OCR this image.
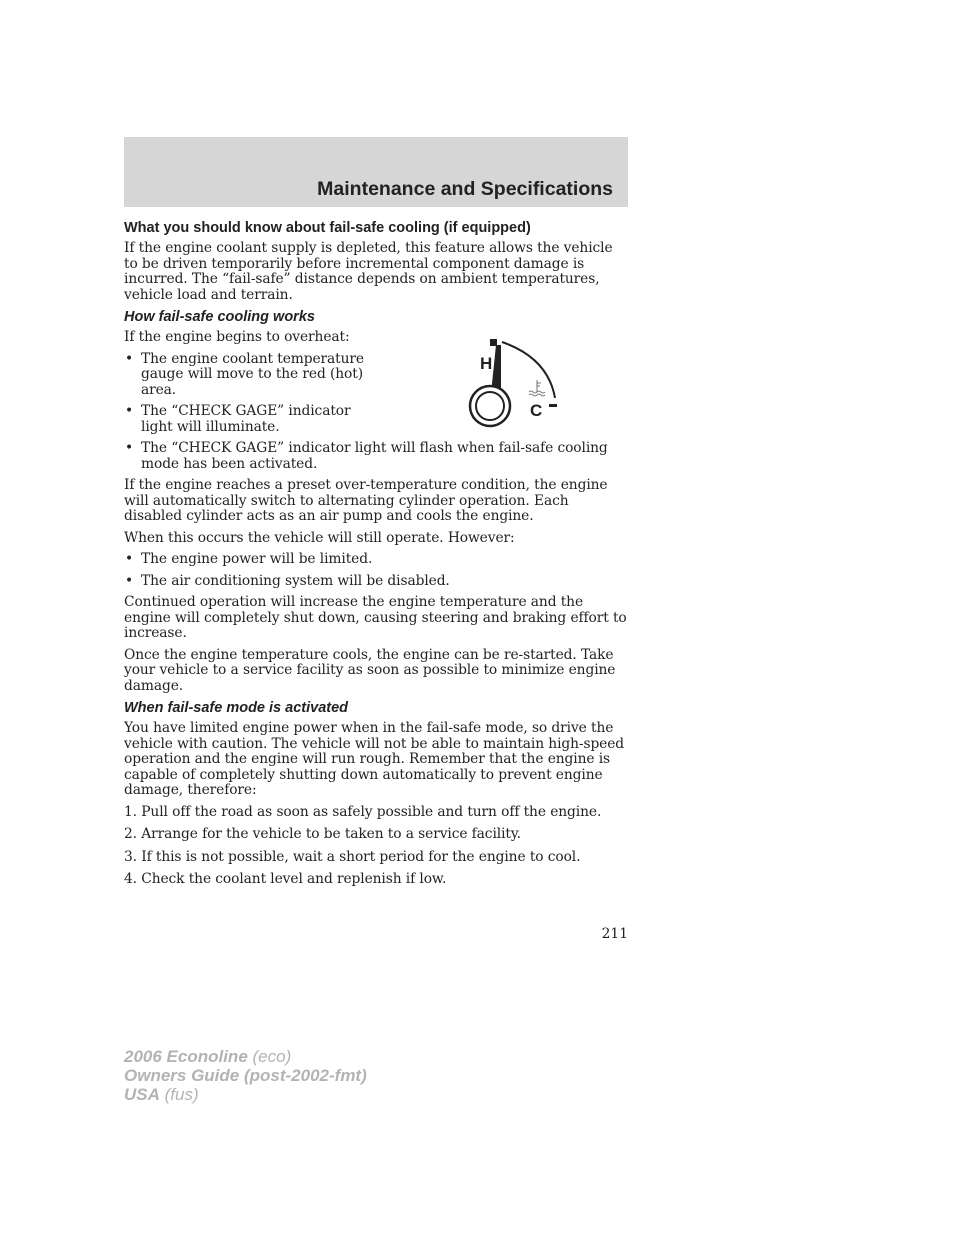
Maintenance and Specifications
What you should know about fail-safe cooling (if equipped)

If the engine coolant supply is depleted, this feature allows the vehicle to be driven temporarily before incremental component damage is incurred. The “fail-safe” distance depends on ambient temperatures, vehicle load and terrain.

How fail-safe cooling works

If the engine begins to overheat:

• The engine coolant temperature gauge will move to the red (hot) area.
• The “CHECK GAGE” indicator light will illuminate.
• The “CHECK GAGE” indicator light will flash when fail-safe cooling mode has been activated.

If the engine reaches a preset over-temperature condition, the engine will automatically switch to alternating cylinder operation. Each disabled cylinder acts as an air pump and cools the engine.

When this occurs the vehicle will still operate. However:

• The engine power will be limited.
• The air conditioning system will be disabled.

Continued operation will increase the engine temperature and the engine will completely shut down, causing steering and braking effort to increase.

Once the engine temperature cools, the engine can be re-started. Take your vehicle to a service facility as soon as possible to minimize engine damage.

When fail-safe mode is activated

You have limited engine power when in the fail-safe mode, so drive the vehicle with caution. The vehicle will not be able to maintain high-speed operation and the engine will run rough. Remember that the engine is capable of completely shutting down automatically to prevent engine damage, therefore:

1. Pull off the road as soon as safely possible and turn off the engine.
2. Arrange for the vehicle to be taken to a service facility.
3. If this is not possible, wait a short period for the engine to cool.
4. Check the coolant level and replenish if low.
H
C
211
2006 Econoline (eco)
Owners Guide (post-2002-fmt)
USA (fus)
